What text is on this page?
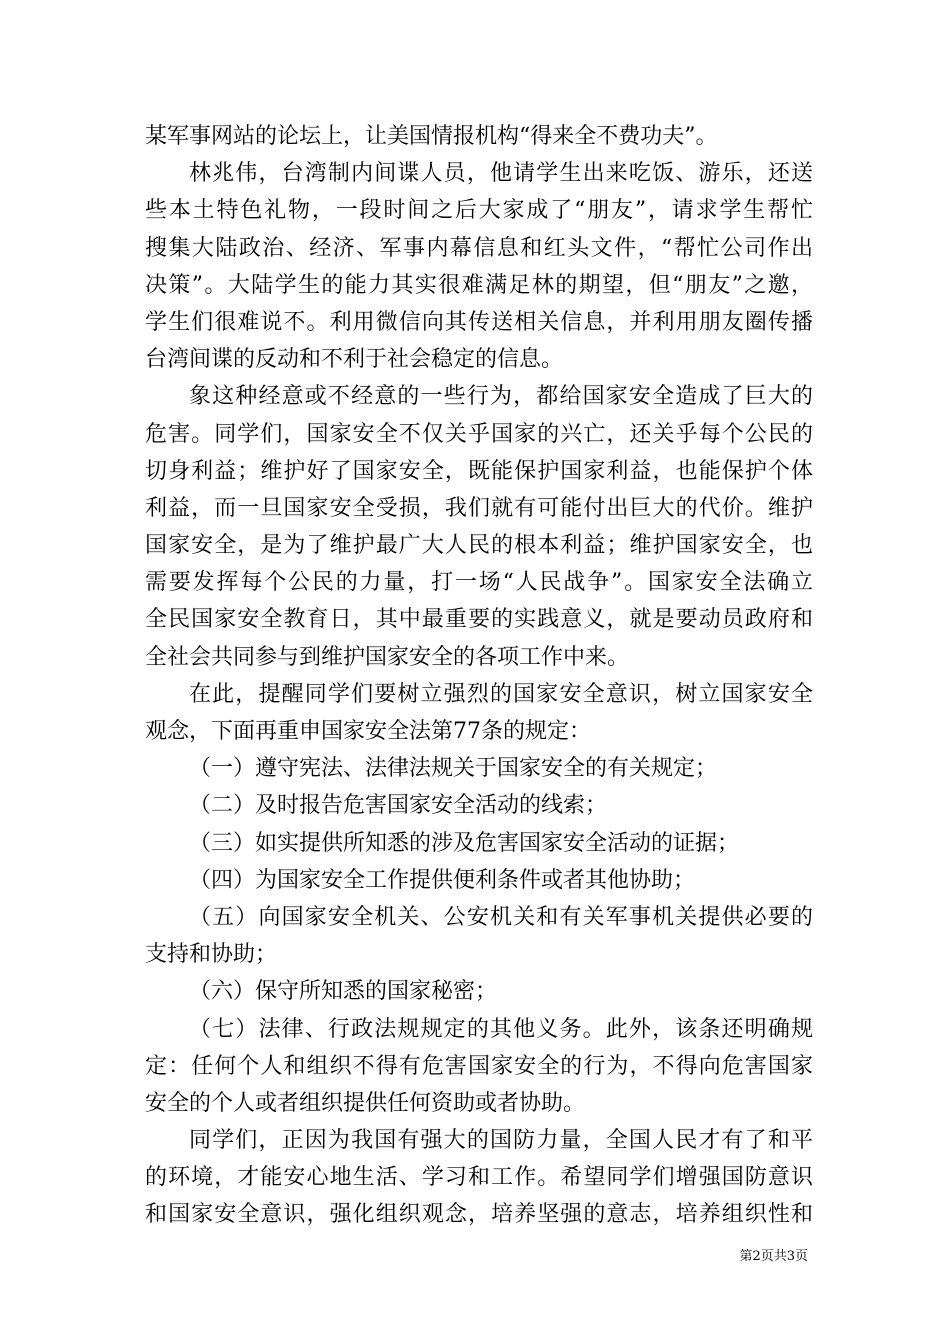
某军事网站的论坛上，让美国情报机构“得来全不费功夫”。
林兆伟，台湾制内间谍人员，他请学生出来吃饭、游乐，还送
些本土特色礼物，一段时间之后大家成了“朋友”，请求学生帮忙
搜集大陆政治、经济、军事内幕信息和红头文件，“帮忙公司作出
决策”。大陆学生的能力其实很难满足林的期望，但“朋友”之邀，
学生们很难说不。利用微信向其传送相关信息，并利用朋友圈传播
台湾间谍的反动和不利于社会稳定的信息。
象这种经意或不经意的一些行为，都给国家安全造成了巨大的
危害。同学们，国家安全不仅关乎国家的兴亡，还关乎每个公民的
切身利益；维护好了国家安全，既能保护国家利益，也能保护个体
利益，而一旦国家安全受损，我们就有可能付出巨大的代价。维护
国家安全，是为了维护最广大人民的根本利益；维护国家安全，也
需要发挥每个公民的力量，打一场“人民战争”。国家安全法确立
全民国家安全教育日，其中最重要的实践意义，就是要动员政府和
全社会共同参与到维护国家安全的各项工作中来。
在此，提醒同学们要树立强烈的国家安全意识，树立国家安全
观念，下面再重申国家安全法第77条的规定：
（一）遵守宪法、法律法规关于国家安全的有关规定；
（二）及时报告危害国家安全活动的线索；
（三）如实提供所知悉的涉及危害国家安全活动的证据；
（四）为国家安全工作提供便利条件或者其他协助；
（五）向国家安全机关、公安机关和有关军事机关提供必要的
支持和协助；
（六）保守所知悉的国家秘密；
（七）法律、行政法规规定的其他义务。此外，该条还明确规
定：任何个人和组织不得有危害国家安全的行为，不得向危害国家
安全的个人或者组织提供任何资助或者协助。
同学们，正因为我国有强大的国防力量，全国人民才有了和平
的环境，才能安心地生活、学习和工作。希望同学们增强国防意识
和国家安全意识，强化组织观念，培养坚强的意志，培养组织性和
第2页共3页
